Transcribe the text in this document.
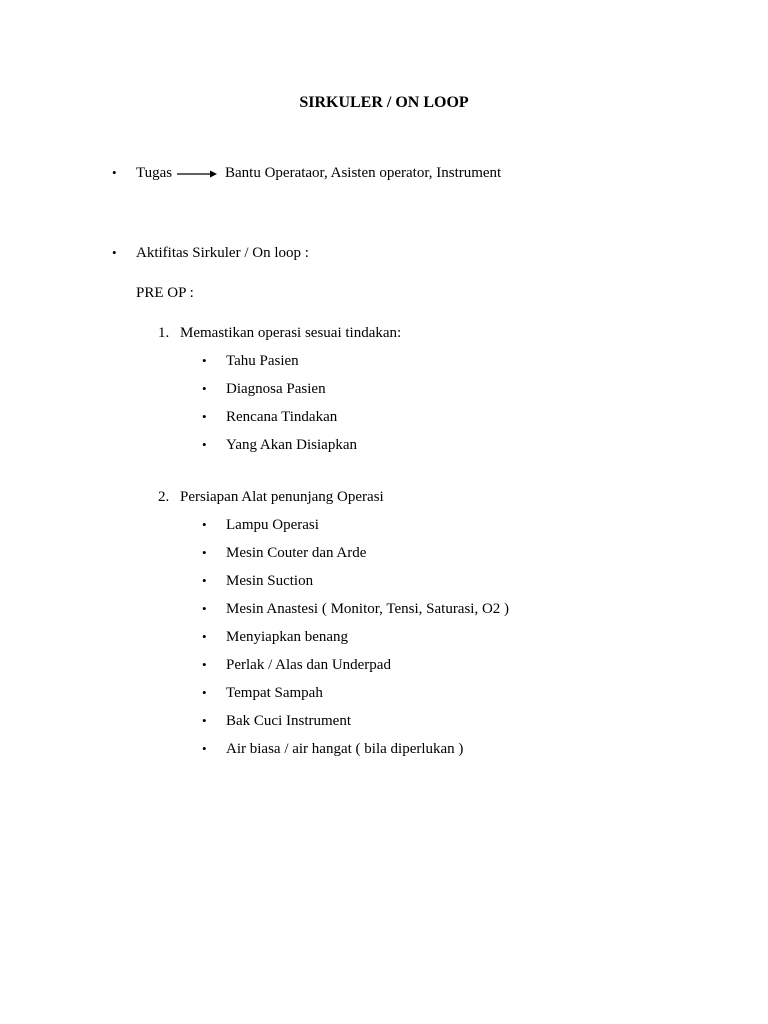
SIRKULER / ON LOOP
• Tugas	Bantu Operataor, Asisten operator, Instrument
• Aktifitas Sirkuler / On loop :
PRE OP :
1. Memastikan operasi sesuai tindakan:
• Tahu Pasien
• Diagnosa Pasien
• Rencana Tindakan
• Yang Akan Disiapkan
2. Persiapan Alat penunjang Operasi
• Lampu Operasi
• Mesin Couter dan Arde
• Mesin Suction
• Mesin Anastesi ( Monitor, Tensi, Saturasi, O2 )
• Menyiapkan benang
• Perlak / Alas dan Underpad
• Tempat Sampah
• Bak Cuci Instrument
• Air biasa / air hangat ( bila diperlukan )
